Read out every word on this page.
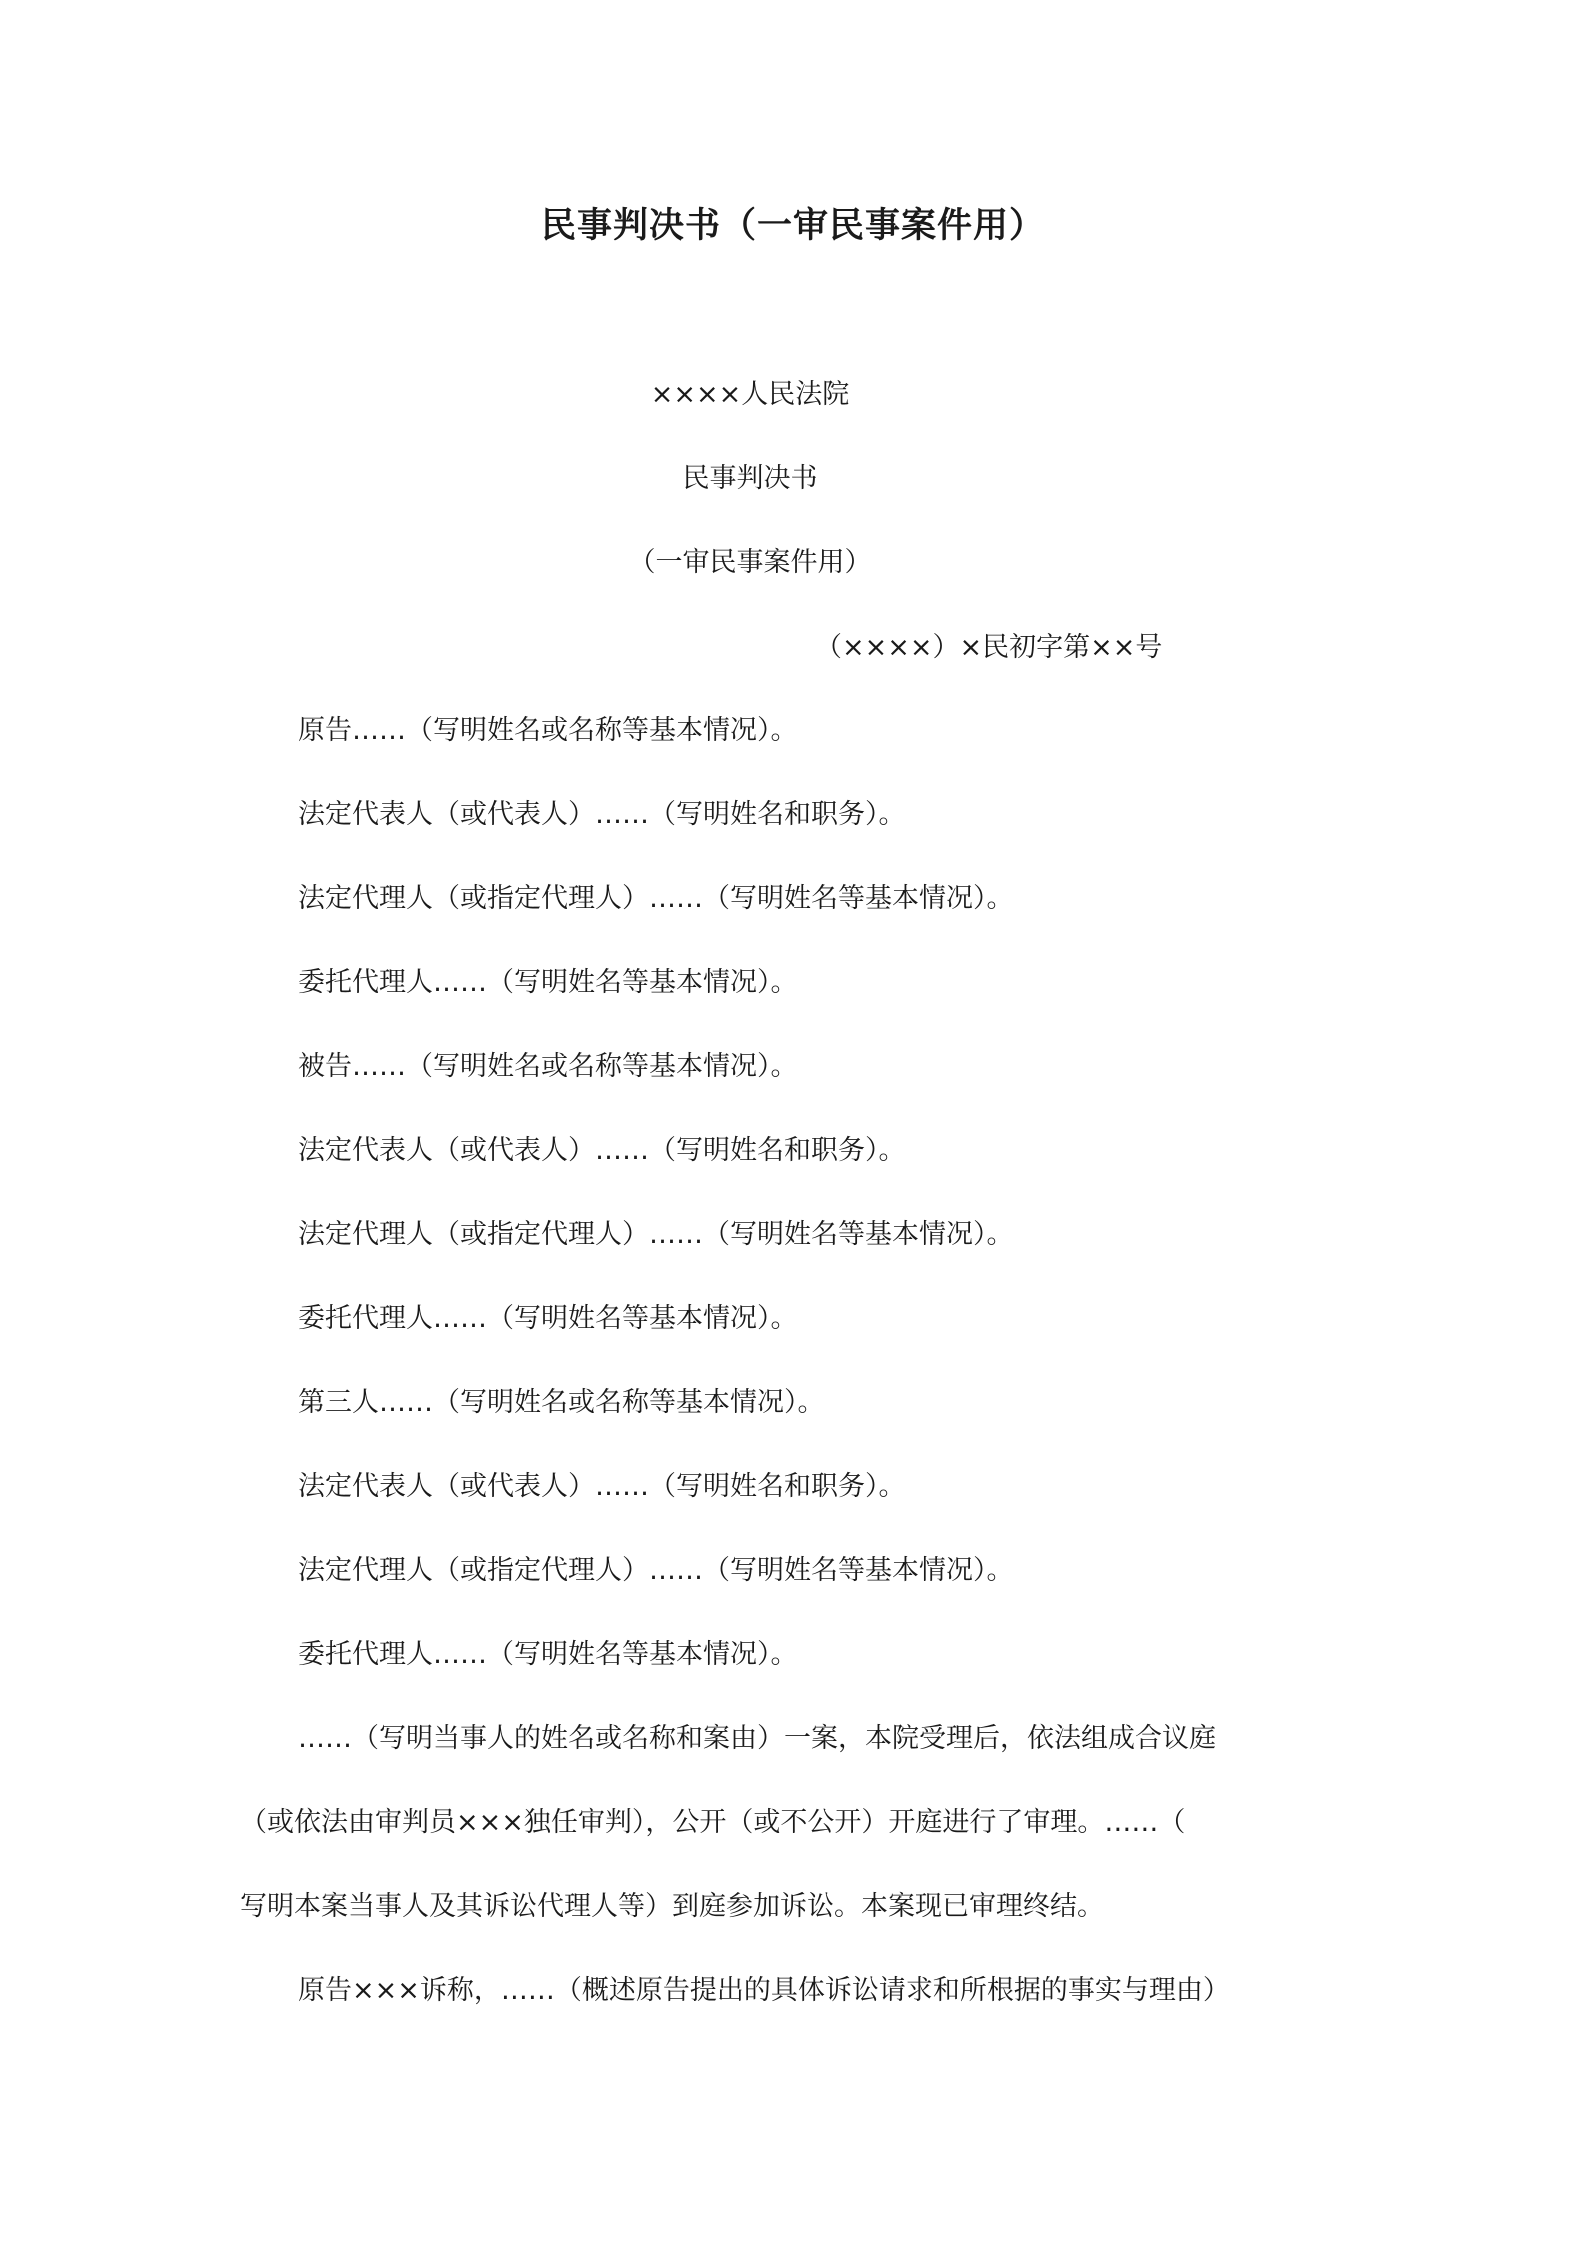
民事判决书（一审民事案件用）
××××人民法院
民事判决书
（一审民事案件用）
（××××）×民初字第××号
原告……（写明姓名或名称等基本情况）。
法定代表人（或代表人）……（写明姓名和职务）。
法定代理人（或指定代理人）……（写明姓名等基本情况）。
委托代理人……（写明姓名等基本情况）。
被告……（写明姓名或名称等基本情况）。
法定代表人（或代表人）……（写明姓名和职务）。
法定代理人（或指定代理人）……（写明姓名等基本情况）。
委托代理人……（写明姓名等基本情况）。
第三人……（写明姓名或名称等基本情况）。
法定代表人（或代表人）……（写明姓名和职务）。
法定代理人（或指定代理人）……（写明姓名等基本情况）。
委托代理人……（写明姓名等基本情况）。
……（写明当事人的姓名或名称和案由）一案，本院受理后，依法组成合议庭
（或依法由审判员×××独任审判），公开（或不公开）开庭进行了审理。……（
写明本案当事人及其诉讼代理人等）到庭参加诉讼。本案现已审理终结。
原告×××诉称，……（概述原告提出的具体诉讼请求和所根据的事实与理由）
